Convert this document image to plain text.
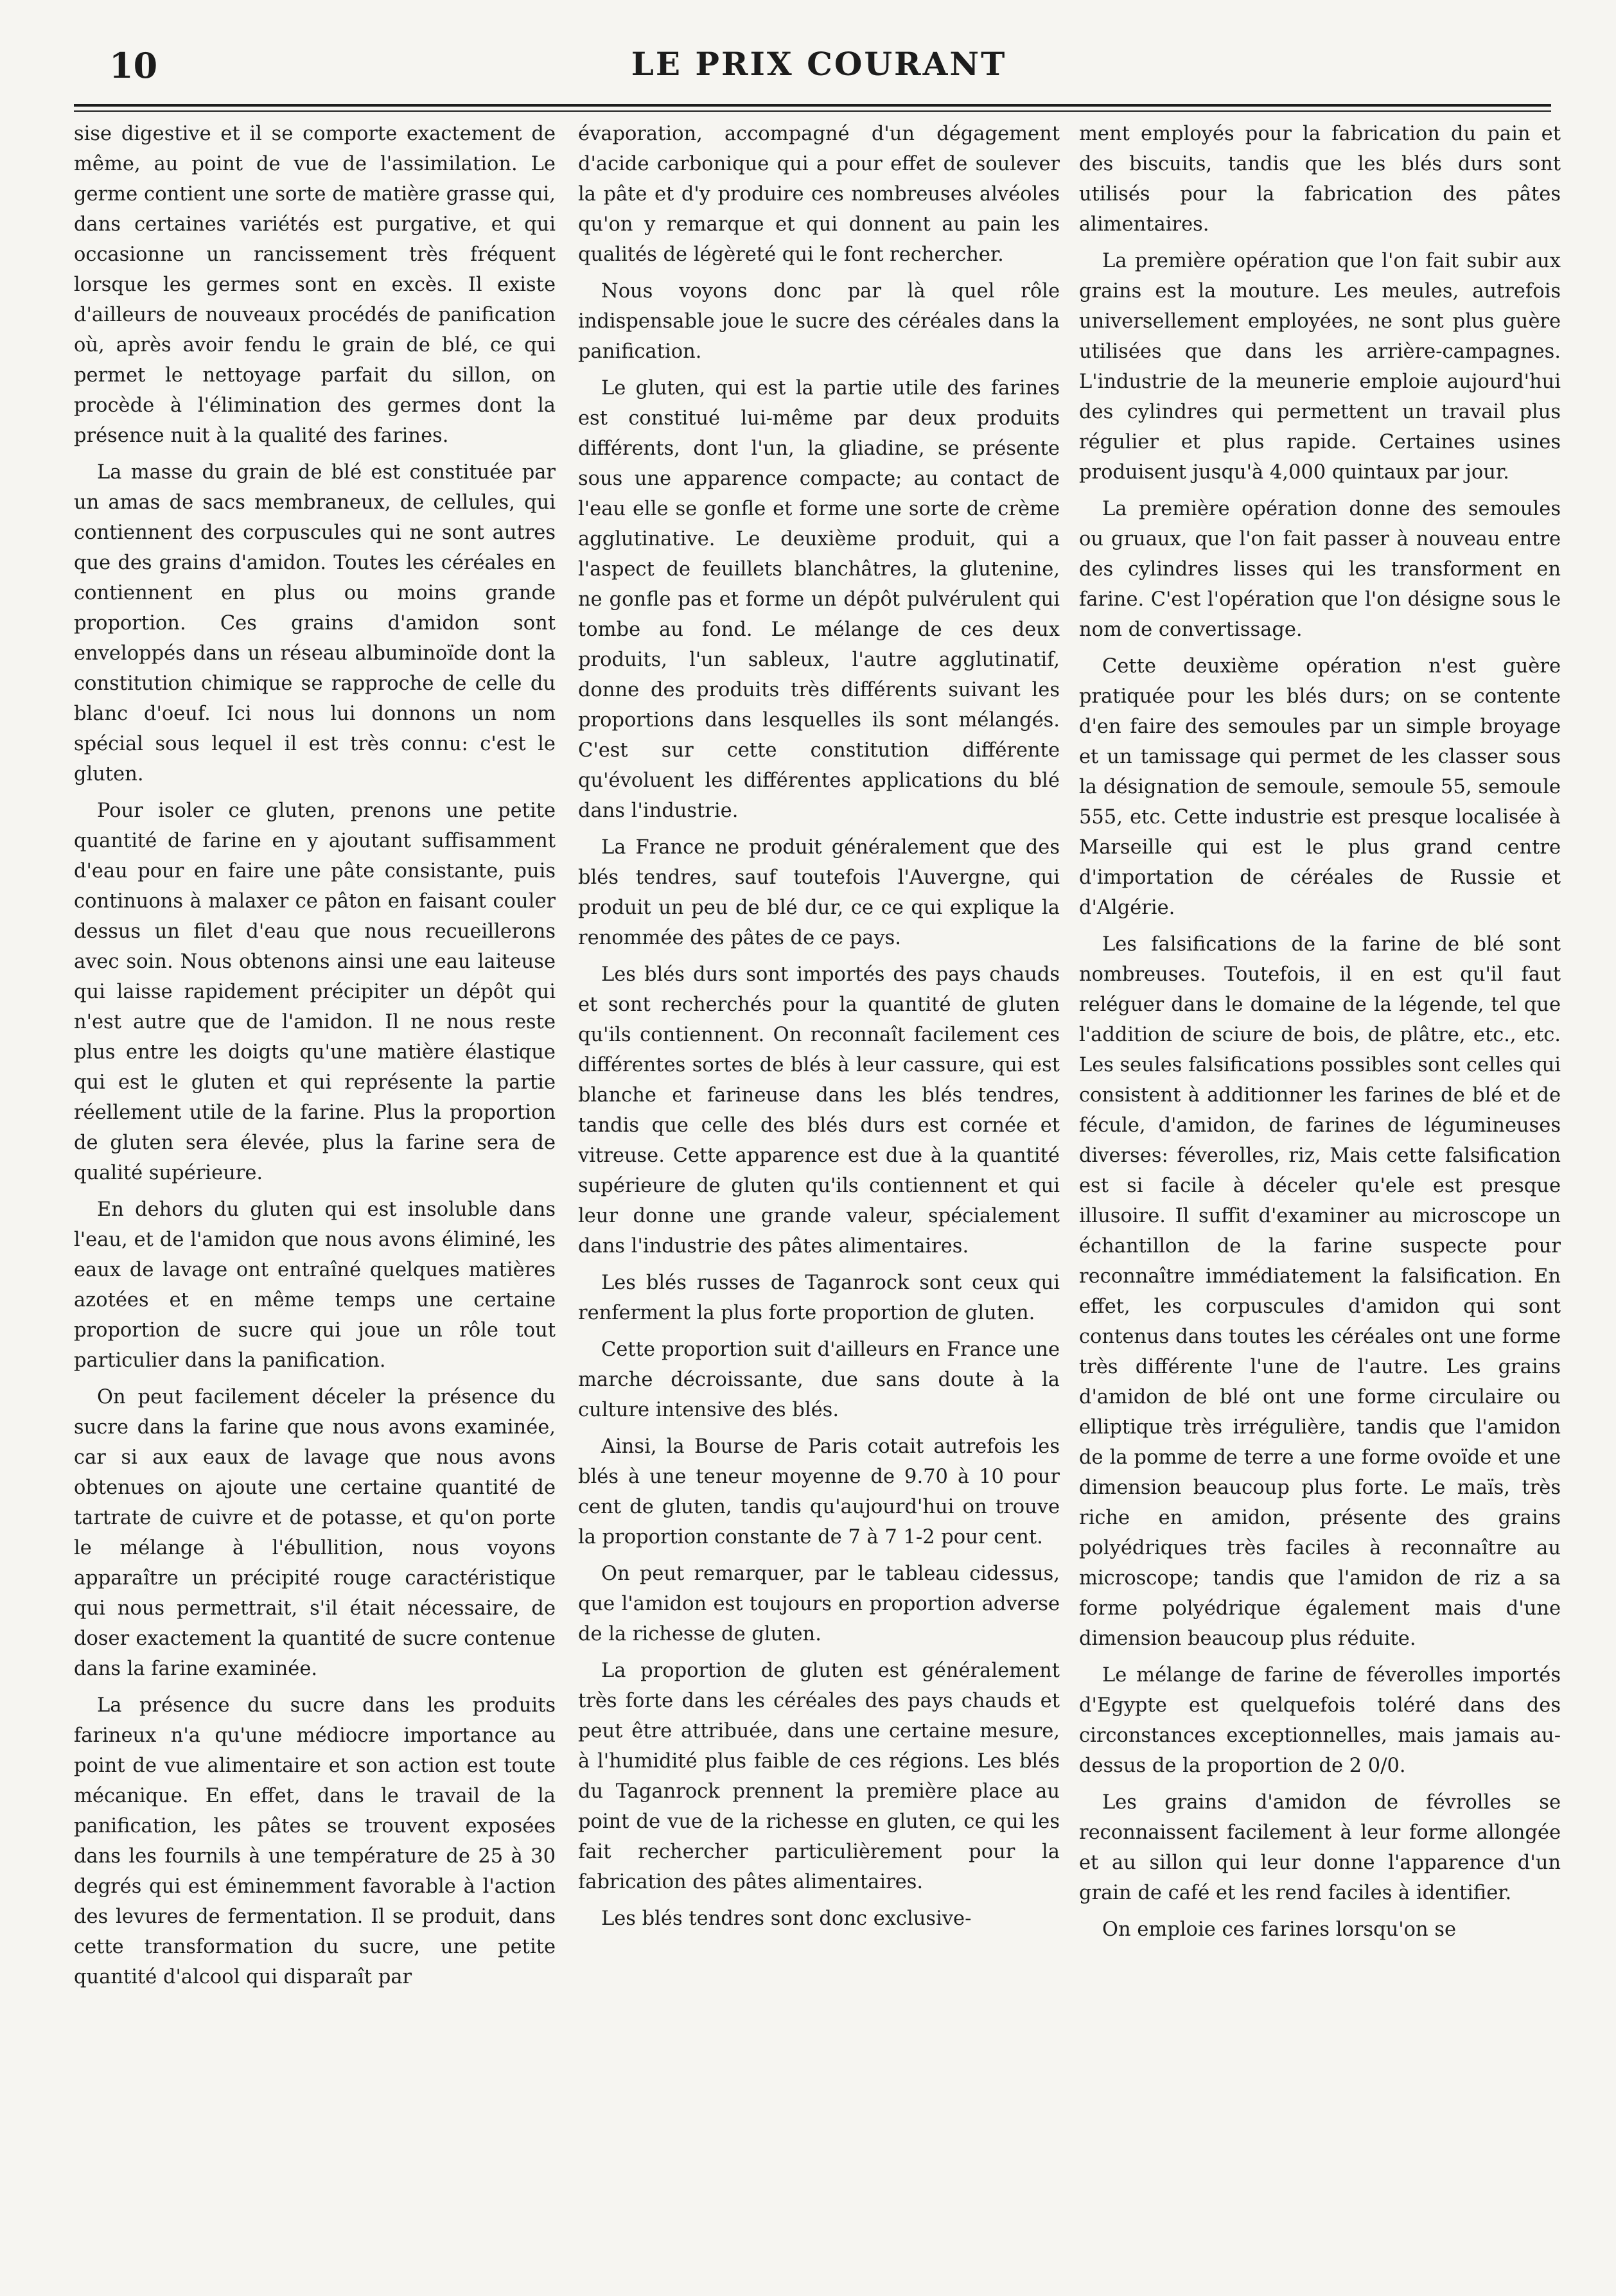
10	LE PRIX COURANT

sise digestive et il se comporte exactement de même, au point de vue de l'assimilation. Le germe contient une sorte de matière grasse qui, dans certaines variétés est purgative, et qui occasionne un rancissement très fréquent lorsque les germes sont en excès. Il existe d'ailleurs de nouveaux procédés de panification où, après avoir fendu le grain de blé, ce qui permet le nettoyage parfait du sillon, on procède à l'élimination des germes dont la présence nuit à la qualité des farines.

La masse du grain de blé est constituée par un amas de sacs membraneux, de cellules, qui contiennent des corpuscules qui ne sont autres que des grains d'amidon. Toutes les céréales en contiennent en plus ou moins grande proportion. Ces grains d'amidon sont enveloppés dans un réseau albuminoïde dont la constitution chimique se rapproche de celle du blanc d'oeuf. Ici nous lui donnons un nom spécial sous lequel il est très connu: c'est le gluten.

Pour isoler ce gluten, prenons une petite quantité de farine en y ajoutant suffisamment d'eau pour en faire une pâte consistante, puis continuons à malaxer ce pâton en faisant couler dessus un filet d'eau que nous recueillerons avec soin. Nous obtenons ainsi une eau laiteuse qui laisse rapidement précipiter un dépôt qui n'est autre que de l'amidon. Il ne nous reste plus entre les doigts qu'une matière élastique qui est le gluten et qui représente la partie réellement utile de la farine. Plus la proportion de gluten sera élevée, plus la farine sera de qualité supérieure.

En dehors du gluten qui est insoluble dans l'eau, et de l'amidon que nous avons éliminé, les eaux de lavage ont entraîné quelques matières azotées et en même temps une certaine proportion de sucre qui joue un rôle tout particulier dans la panification.

On peut facilement déceler la présence du sucre dans la farine que nous avons examinée, car si aux eaux de lavage que nous avons obtenues on ajoute une certaine quantité de tartrate de cuivre et de potasse, et qu'on porte le mélange à l'ébullition, nous voyons apparaître un précipité rouge caractéristique qui nous permettrait, s'il était nécessaire, de doser exactement la quantité de sucre contenue dans la farine examinée.

La présence du sucre dans les produits farineux n'a qu'une médiocre importance au point de vue alimentaire et son action est toute mécanique. En effet, dans le travail de la panification, les pâtes se trouvent exposées dans les fournils à une température de 25 à 30 degrés qui est éminemment favorable à l'action des levures de fermentation. Il se produit, dans cette transformation du sucre, une petite quantité d'alcool qui disparaît par

évaporation, accompagné d'un dégagement d'acide carbonique qui a pour effet de soulever la pâte et d'y produire ces nombreuses alvéoles qu'on y remarque et qui donnent au pain les qualités de légèreté qui le font rechercher.

Nous voyons donc par là quel rôle indispensable joue le sucre des céréales dans la panification.

Le gluten, qui est la partie utile des farines est constitué lui-même par deux produits différents, dont l'un, la gliadine, se présente sous une apparence compacte; au contact de l'eau elle se gonfle et forme une sorte de crème agglutinative. Le deuxième produit, qui a l'aspect de feuillets blanchâtres, la glutenine, ne gonfle pas et forme un dépôt pulvérulent qui tombe au fond. Le mélange de ces deux produits, l'un sableux, l'autre agglutinatif, donne des produits très différents suivant les proportions dans lesquelles ils sont mélangés. C'est sur cette constitution différente qu'évoluent les différentes applications du blé dans l'industrie.

La France ne produit généralement que des blés tendres, sauf toutefois l'Auvergne, qui produit un peu de blé dur, ce ce qui explique la renommée des pâtes de ce pays.

Les blés durs sont importés des pays chauds et sont recherchés pour la quantité de gluten qu'ils contiennent. On reconnaît facilement ces différentes sortes de blés à leur cassure, qui est blanche et farineuse dans les blés tendres, tandis que celle des blés durs est cornée et vitreuse. Cette apparence est due à la quantité supérieure de gluten qu'ils contiennent et qui leur donne une grande valeur, spécialement dans l'industrie des pâtes alimentaires.

Les blés russes de Taganrock sont ceux qui renferment la plus forte proportion de gluten.

Cette proportion suit d'ailleurs en France une marche décroissante, due sans doute à la culture intensive des blés.

Ainsi, la Bourse de Paris cotait autrefois les blés à une teneur moyenne de 9.70 à 10 pour cent de gluten, tandis qu'aujourd'hui on trouve la proportion constante de 7 à 7 1-2 pour cent.

On peut remarquer, par le tableau cidessus, que l'amidon est toujours en proportion adverse de la richesse de gluten.

La proportion de gluten est généralement très forte dans les céréales des pays chauds et peut être attribuée, dans une certaine mesure, à l'humidité plus faible de ces régions. Les blés du Taganrock prennent la première place au point de vue de la richesse en gluten, ce qui les fait rechercher particulièrement pour la fabrication des pâtes alimentaires.

Les blés tendres sont donc exclusive-

ment employés pour la fabrication du pain et des biscuits, tandis que les blés durs sont utilisés pour la fabrication des pâtes alimentaires.

La première opération que l'on fait subir aux grains est la mouture. Les meules, autrefois universellement employées, ne sont plus guère utilisées que dans les arrière-campagnes. L'industrie de la meunerie emploie aujourd'hui des cylindres qui permettent un travail plus régulier et plus rapide. Certaines usines produisent jusqu'à 4,000 quintaux par jour.

La première opération donne des semoules ou gruaux, que l'on fait passer à nouveau entre des cylindres lisses qui les transforment en farine. C'est l'opération que l'on désigne sous le nom de convertissage.

Cette deuxième opération n'est guère pratiquée pour les blés durs; on se contente d'en faire des semoules par un simple broyage et un tamissage qui permet de les classer sous la désignation de semoule, semoule 55, semoule 555, etc. Cette industrie est presque localisée à Marseille qui est le plus grand centre d'importation de céréales de Russie et d'Algérie.

Les falsifications de la farine de blé sont nombreuses. Toutefois, il en est qu'il faut reléguer dans le domaine de la légende, tel que l'addition de sciure de bois, de plâtre, etc., etc. Les seules falsifications possibles sont celles qui consistent à additionner les farines de blé et de fécule, d'amidon, de farines de légumineuses diverses: féverolles, riz, Mais cette falsification est si facile à déceler qu'ele est presque illusoire. Il suffit d'examiner au microscope un échantillon de la farine suspecte pour reconnaître immédiatement la falsification. En effet, les corpuscules d'amidon qui sont contenus dans toutes les céréales ont une forme très différente l'une de l'autre. Les grains d'amidon de blé ont une forme circulaire ou elliptique très irrégulière, tandis que l'amidon de la pomme de terre a une forme ovoïde et une dimension beaucoup plus forte. Le maïs, très riche en amidon, présente des grains polyédriques très faciles à reconnaître au microscope; tandis que l'amidon de riz a sa forme polyédrique également mais d'une dimension beaucoup plus réduite.

Le mélange de farine de féverolles importés d'Egypte est quelquefois toléré dans des circonstances exceptionnelles, mais jamais au-dessus de la proportion de 2 0/0.

Les grains d'amidon de févrolles se reconnaissent facilement à leur forme allongée et au sillon qui leur donne l'apparence d'un grain de café et les rend faciles à identifier.

On emploie ces farines lorsqu'on se
